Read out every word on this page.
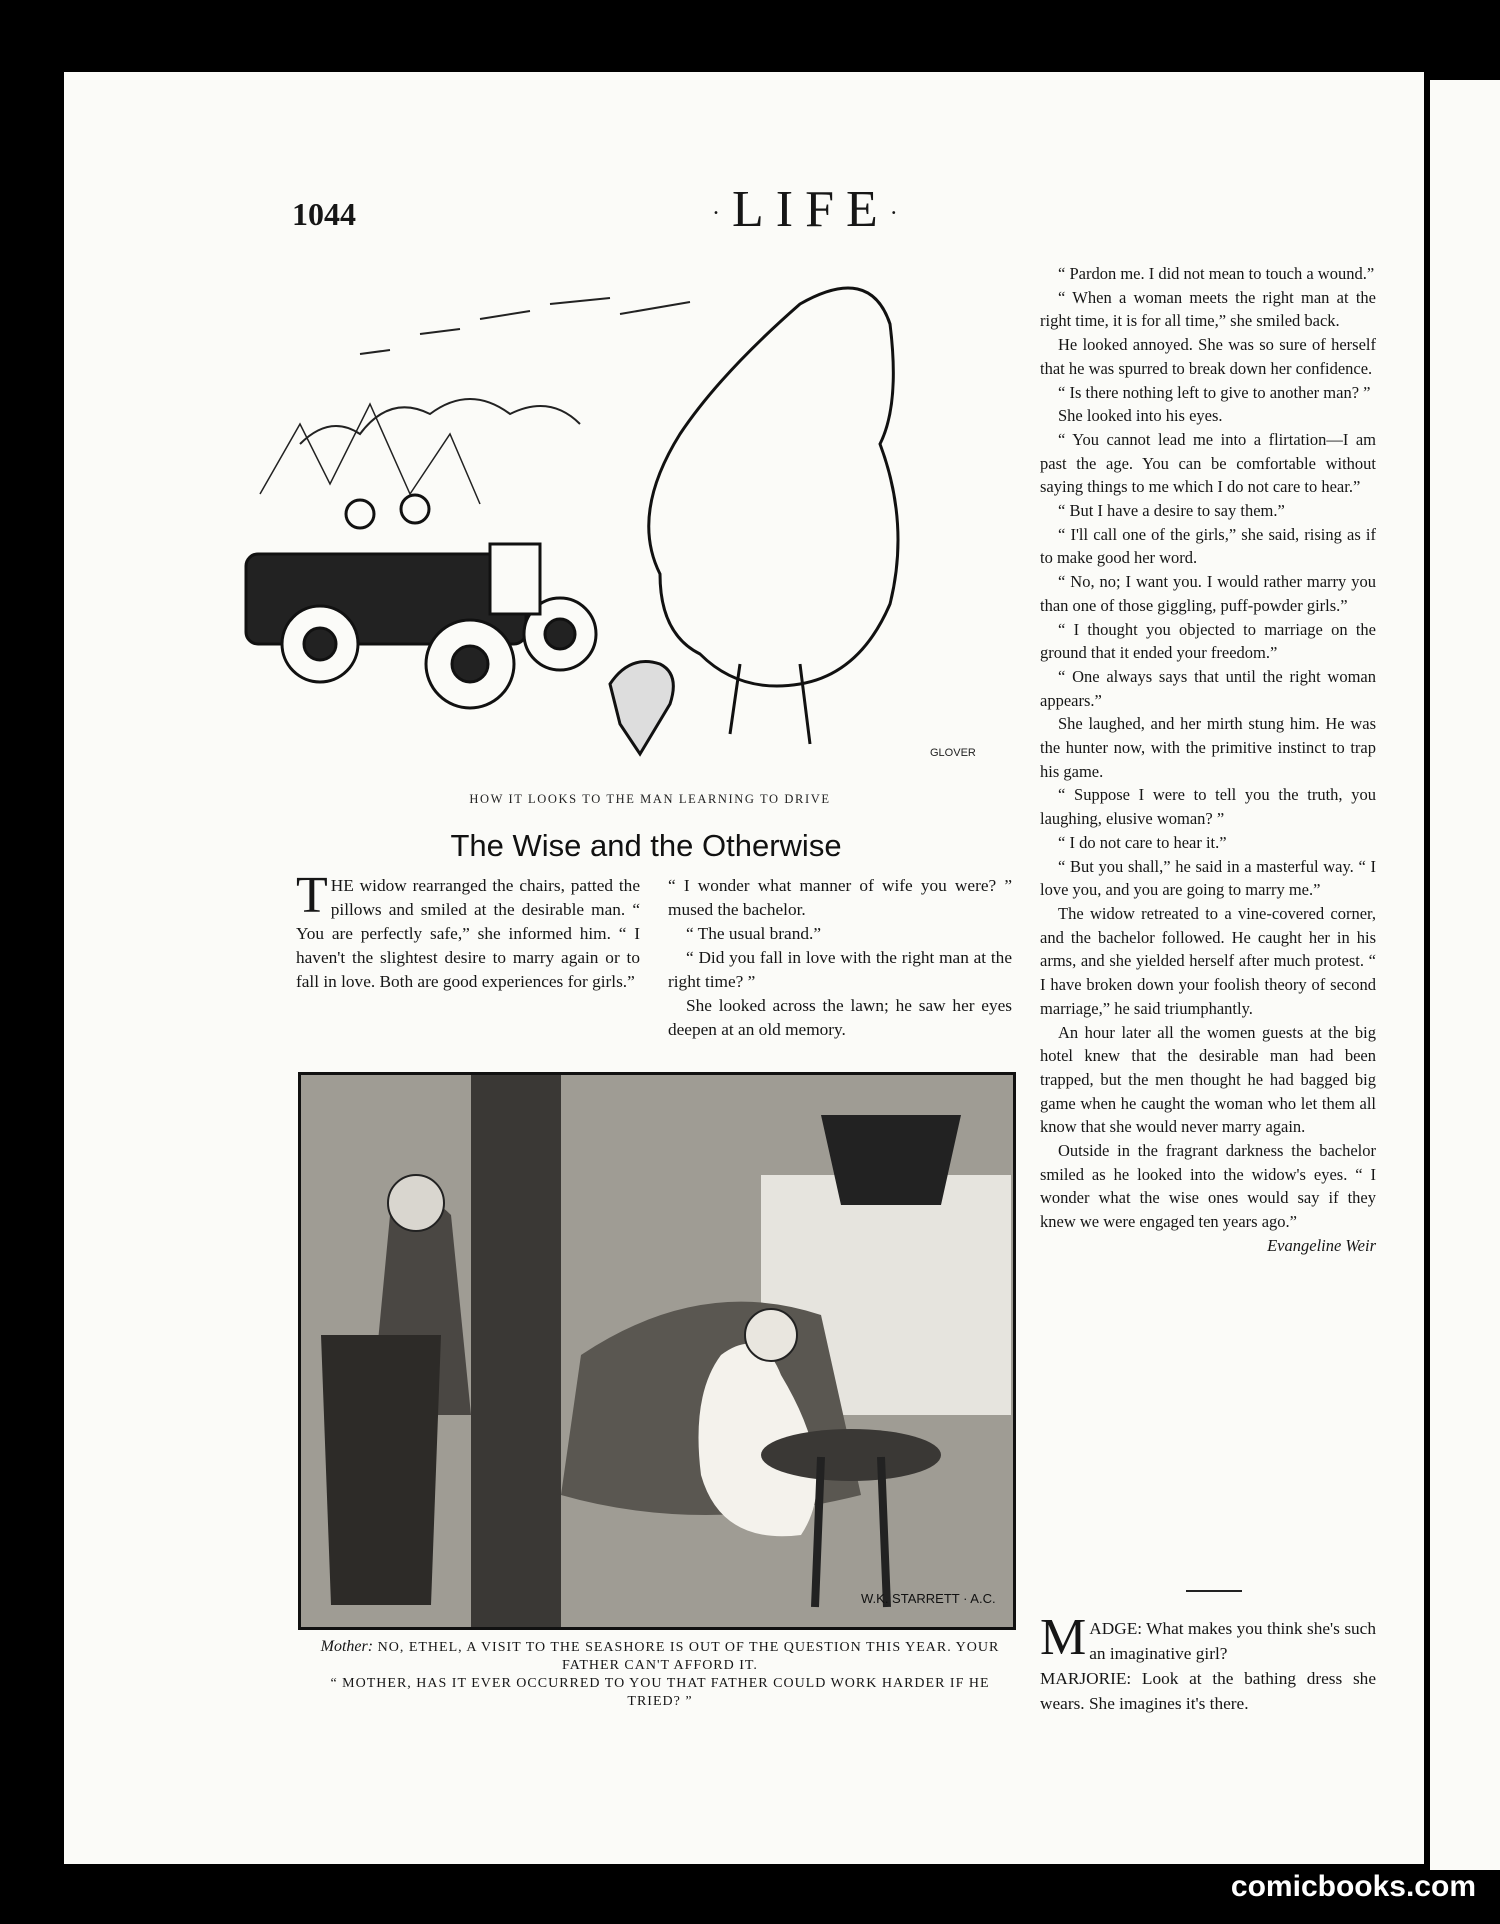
1044	·LIFE·
GLOVER
HOW IT LOOKS TO THE MAN LEARNING TO DRIVE
The Wise and the Otherwise

THE widow rearranged the chairs, patted the pillows and smiled at the desirable man. “ You are perfectly safe,” she informed him. “ I haven't the slightest desire to marry again or to fall in love. Both are good experiences for girls.”

“ I wonder what manner of wife you were? ” mused the bachelor.

“ The usual brand.”

“ Did you fall in love with the right man at the right time? ”

She looked across the lawn; he saw her eyes deepen at an old memory.

“ Pardon me. I did not mean to touch a wound.”

“ When a woman meets the right man at the right time, it is for all time,” she smiled back.

He looked annoyed. She was so sure of herself that he was spurred to break down her confidence.

“ Is there nothing left to give to another man? ”

She looked into his eyes.

“ You cannot lead me into a flirtation—I am past the age. You can be comfortable without saying things to me which I do not care to hear.”

“ But I have a desire to say them.”

“ I'll call one of the girls,” she said, rising as if to make good her word.

“ No, no; I want you. I would rather marry you than one of those giggling, puff-powder girls.”

“ I thought you objected to marriage on the ground that it ended your freedom.”

“ One always says that until the right woman appears.”

She laughed, and her mirth stung him. He was the hunter now, with the primitive instinct to trap his game.

“ Suppose I were to tell you the truth, you laughing, elusive woman? ”

“ I do not care to hear it.”

“ But you shall,” he said in a masterful way. “ I love you, and you are going to marry me.”

The widow retreated to a vine-covered corner, and the bachelor followed. He caught her in his arms, and she yielded herself after much protest. “ I have broken down your foolish theory of second marriage,” he said triumphantly.

An hour later all the women guests at the big hotel knew that the desirable man had been trapped, but the men thought he had bagged big game when he caught the woman who let them all know that she would never marry again.

Outside in the fragrant darkness the bachelor smiled as he looked into the widow's eyes. “ I wonder what the wise ones would say if they knew we were engaged ten years ago.”

Evangeline Weir

W.K. STARRETT · A.C.
Mother: NO, ETHEL, A VISIT TO THE SEASHORE IS OUT OF THE QUESTION THIS YEAR. YOUR FATHER CAN'T AFFORD IT.
“ MOTHER, HAS IT EVER OCCURRED TO YOU THAT FATHER COULD WORK HARDER IF HE TRIED? ”

MADGE: What makes you think she's such an imaginative girl?

MARJORIE: Look at the bathing dress she wears. She imagines it's there.

comicbooks.com
